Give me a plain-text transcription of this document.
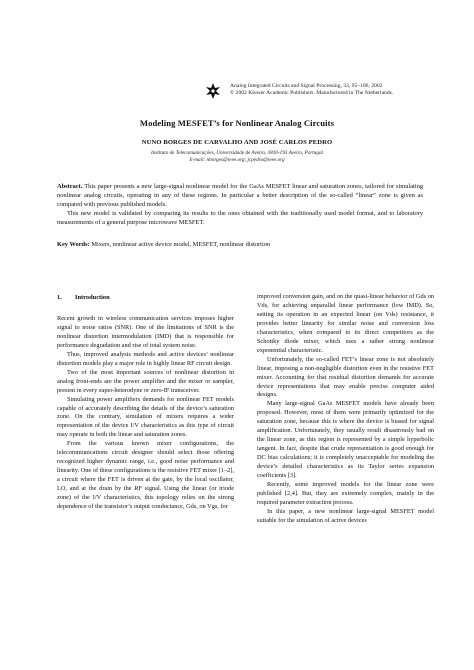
Analog Integrated Circuits and Signal Processing, 33, 95–106, 2002
© 2002 Kluwer Academic Publishers. Manufactured in The Netherlands.
Modeling MESFET’s for Nonlinear Analog Circuits
NUNO BORGES DE CARVALHO AND JOSÉ CARLOS PEDRO
Instituto de Telecomunicações, Universidade de Aveiro, 3810-193 Aveiro, Portugal
E-mail: nborges@ieee.org; jcpedro@ieee.org

Abstract. This paper presents a new large-signal nonlinear model for the GaAs MESFET linear and saturation zones, tailored for simulating nonlinear analog circuits, operating in any of these regions. In particular a better description of the so-called “linear” zone is given as compared with previous published models.

This new model is validated by comparing its results to the ones obtained with the traditionally used model format, and to laboratory measurements of a general purpose microwave MESFET.

Key Words: Mixers, nonlinear active device model, MESFET, nonlinear distortion
1. Introduction

Recent growth in wireless communication services imposes higher signal to noise ratios (SNR). One of the limitations of SNR is the nonlinear distortion intermodulation (IMD) that is responsible for performance degradation and rise of total system noise.

Thus, improved analysis methods and active devices’ nonlinear distortion models play a major role in highly linear RF circuit design.

Two of the most important sources of nonlinear distortion in analog front-ends are the power amplifier and the mixer or sampler, present in every super-heterodyne or zero-IF transceiver.

Simulating power amplifiers demands for nonlinear FET models capable of accurately describing the details of the device’s saturation zone. On the contrary, simulation of mixers requires a wider representation of the device I/V characteristics as this type of circuit may operate in both the linear and saturation zones.

From the various known mixer configurations, the telecommunications circuit designer should select those offering recognized higher dynamic range, i.e., good noise performance and linearity. One of these configurations is the resistive FET mixer [1–2], a circuit where the FET is driven at the gate, by the local oscillator, LO, and at the drain by the RF signal. Using the linear (or triode zone) of the I/V characteristics, this topology relies on the strong dependence of the transistor’s output conductance, Gds, on Vgs, for

improved conversion gain, and on the quasi-linear behavior of Gds on Vds, for achieving unparallel linear performance (low IMD). So, setting its operation in an expected linear (on Vds) resistance, it provides better linearity for similar noise and conversion loss characteristics, when compared to its direct competitors as the Schottky diode mixer, which uses a rather strong nonlinear exponential characteristic.

Unfortunately, the so-called FET’s linear zone is not absolutely linear, imposing a non-negligible distortion even in the resistive FET mixer. Accounting for that residual distortion demands for accurate device representations that may enable precise computer aided designs.

Many large-signal GaAs MESFET models have already been proposed. However, most of them were primarily optimized for the saturation zone, because this is where the device is biased for signal amplification. Unfortunately, they usually result disastrously bad on the linear zone, as this region is represented by a simple hyperbolic tangent. In fact, despite that crude representation is good enough for DC bias calculations; it is completely unacceptable for modeling the device’s detailed characteristics as its Taylor series expansion coefficients [3].

Recently, some improved models for the linear zone were published [2,4]. But, they are extremely complex, mainly in the required parameter extraction process.

In this paper, a new nonlinear large-signal MESFET model suitable for the simulation of active devices
